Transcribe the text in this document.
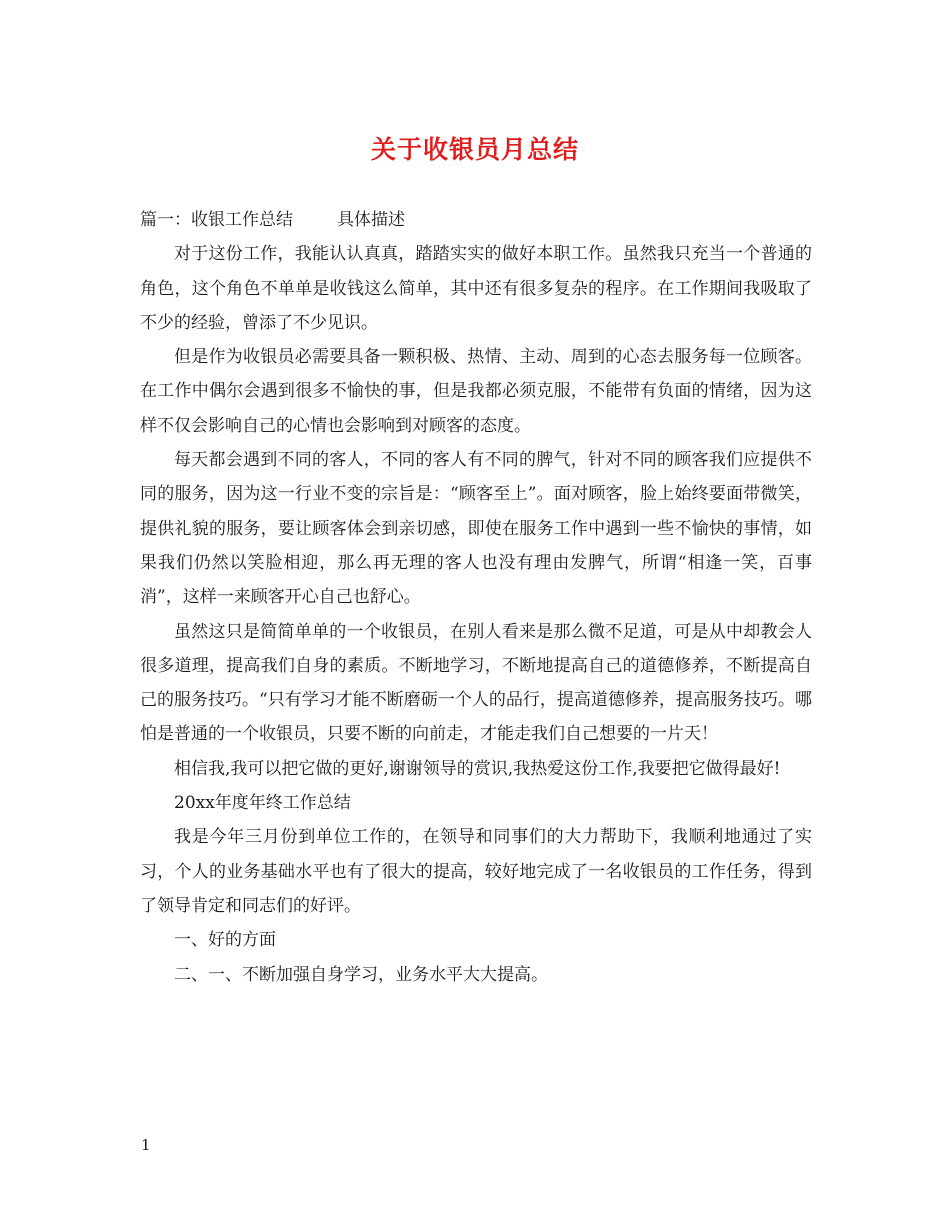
关于收银员月总结

篇一：收银工作总结	具体描述

对于这份工作，我能认认真真，踏踏实实的做好本职工作。虽然我只充当一个普通的角色，这个角色不单单是收钱这么简单，其中还有很多复杂的程序。在工作期间我吸取了不少的经验，曾添了不少见识。

但是作为收银员必需要具备一颗积极、热情、主动、周到的心态去服务每一位顾客。在工作中偶尔会遇到很多不愉快的事，但是我都必须克服，不能带有负面的情绪，因为这样不仅会影响自己的心情也会影响到对顾客的态度。

每天都会遇到不同的客人，不同的客人有不同的脾气，针对不同的顾客我们应提供不同的服务，因为这一行业不变的宗旨是：“顾客至上”。面对顾客，脸上始终要面带微笑，提供礼貌的服务，要让顾客体会到亲切感，即使在服务工作中遇到一些不愉快的事情，如果我们仍然以笑脸相迎，那么再无理的客人也没有理由发脾气，所谓“相逢一笑，百事消”，这样一来顾客开心自己也舒心。

虽然这只是简简单单的一个收银员，在别人看来是那么微不足道，可是从中却教会人很多道理，提高我们自身的素质。不断地学习，不断地提高自己的道德修养，不断提高自己的服务技巧。“只有学习才能不断磨砺一个人的品行，提高道德修养，提高服务技巧。哪怕是普通的一个收银员，只要不断的向前走，才能走我们自己想要的一片天！

相信我,我可以把它做的更好,谢谢领导的赏识,我热爱这份工作,我要把它做得最好!

20xx年度年终工作总结

我是今年三月份到单位工作的，在领导和同事们的大力帮助下，我顺利地通过了实习，个人的业务基础水平也有了很大的提高，较好地完成了一名收银员的工作任务，得到了领导肯定和同志们的好评。

一、好的方面

二、一、不断加强自身学习，业务水平大大提高。

1
